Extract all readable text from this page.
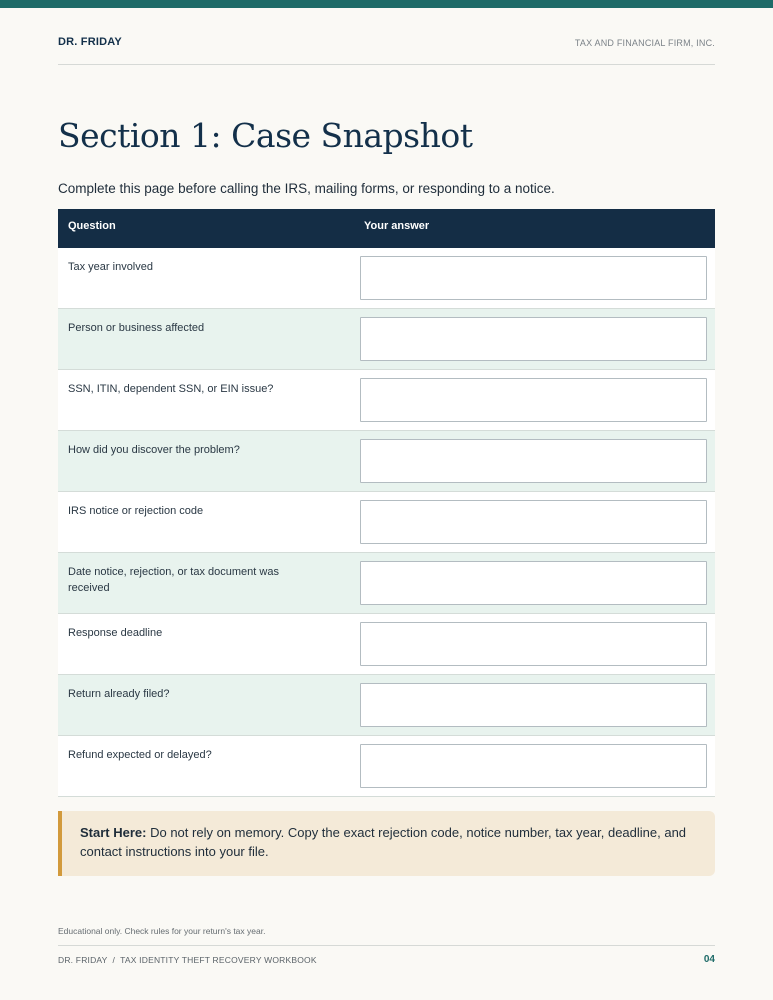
DR. FRIDAY	TAX AND FINANCIAL FIRM, INC.
Section 1: Case Snapshot
Complete this page before calling the IRS, mailing forms, or responding to a notice.
Question	Your answer
Tax year involved
Person or business affected
SSN, ITIN, dependent SSN, or EIN issue?
How did you discover the problem?
IRS notice or rejection code
Date notice, rejection, or tax document was received
Response deadline
Return already filed?
Refund expected or delayed?
Start Here: Do not rely on memory. Copy the exact rejection code, notice number, tax year, deadline, and contact instructions into your file.
Educational only. Check rules for your return's tax year.
DR. FRIDAY / TAX IDENTITY THEFT RECOVERY WORKBOOK	04
